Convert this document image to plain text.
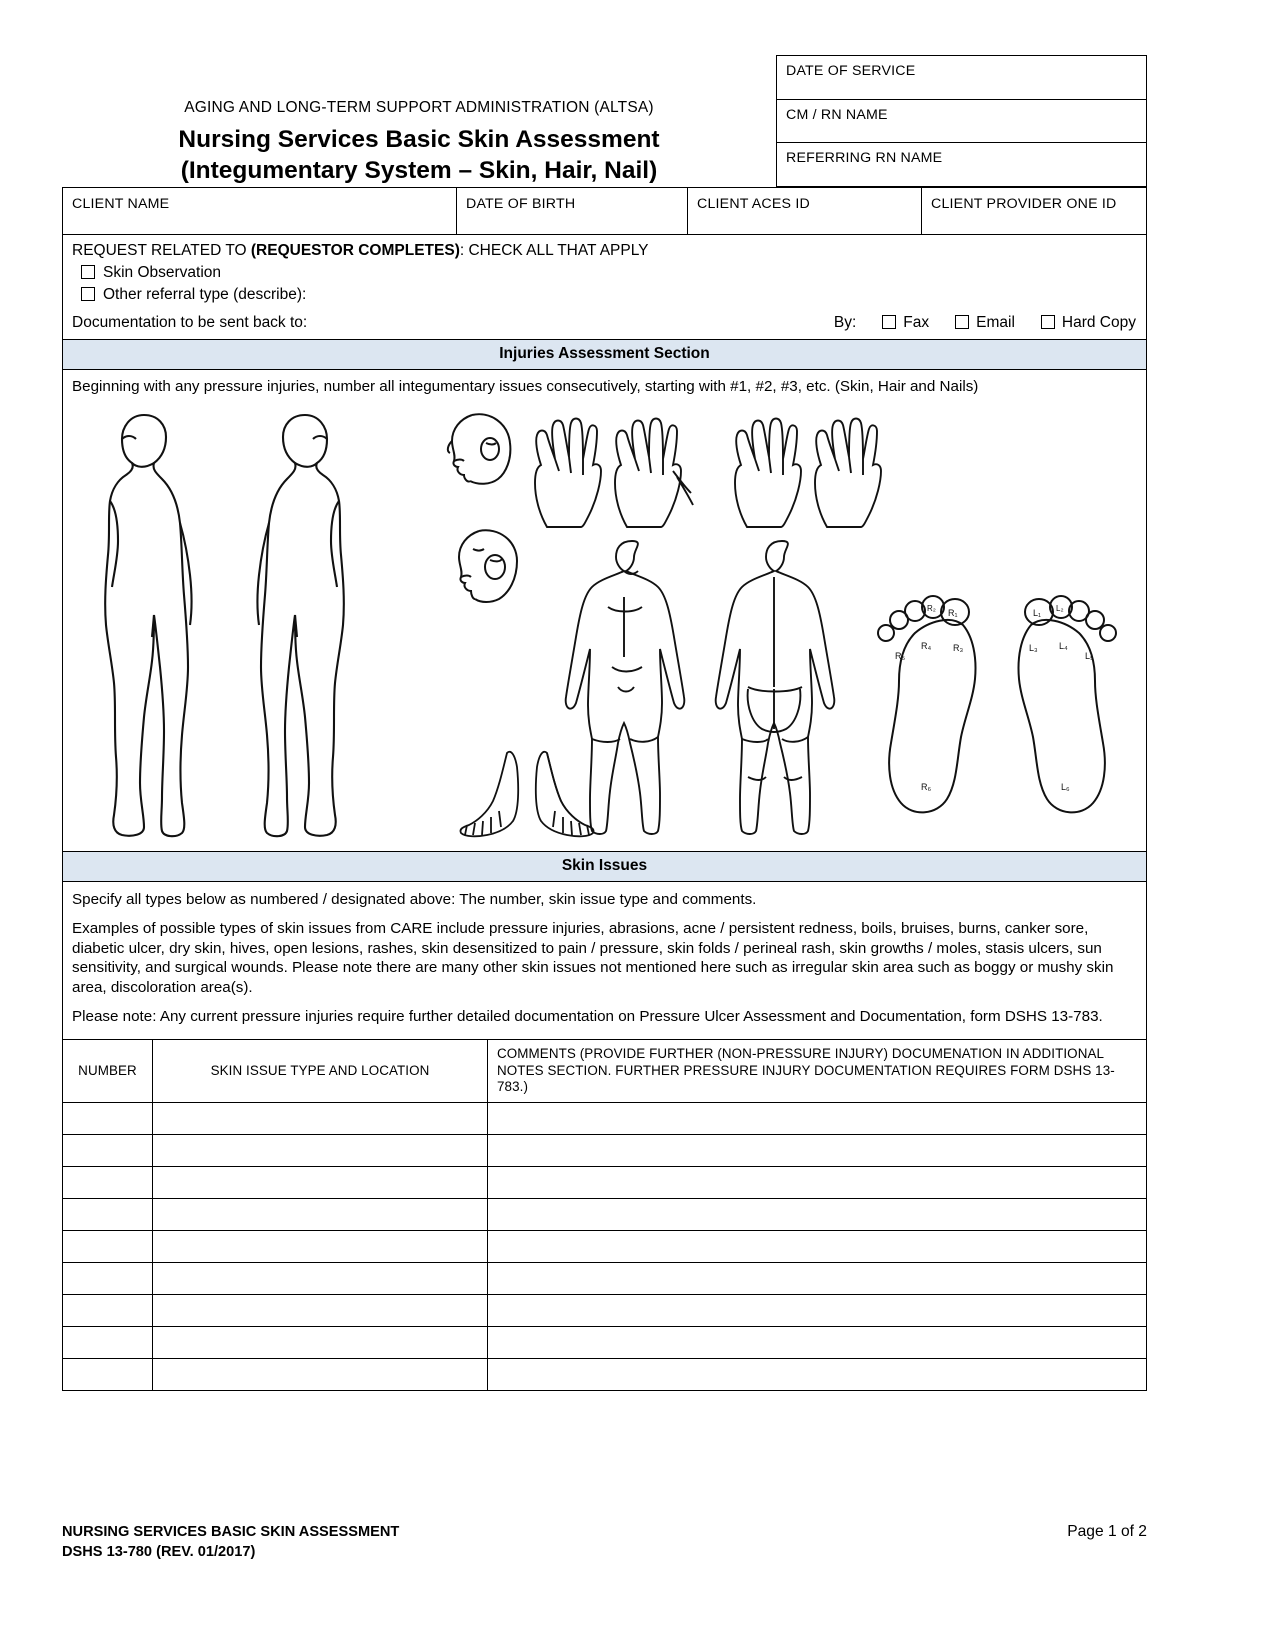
AGING AND LONG-TERM SUPPORT ADMINISTRATION (ALTSA)
Nursing Services Basic Skin Assessment
(Integumentary System – Skin, Hair, Nail)
DATE OF SERVICE
CM / RN NAME
REFERRING RN NAME
CLIENT NAME	DATE OF BIRTH	CLIENT ACES ID	CLIENT PROVIDER ONE ID
REQUEST RELATED TO (REQUESTOR COMPLETES): CHECK ALL THAT APPLY
Skin Observation
Other referral type (describe):
Documentation to be sent back to:	By:	Fax	Email	Hard Copy
Injuries Assessment Section
Beginning with any pressure injuries, number all integumentary issues consecutively, starting with #1, #2, #3, etc. (Skin, Hair and Nails)
R₁
R₂
R₃
R₄
R₅
R₆
L₁ L₂
L₃ L₄
L₅
L₆
Skin Issues

Specify all types below as numbered / designated above: The number, skin issue type and comments.

Examples of possible types of skin issues from CARE include pressure injuries, abrasions, acne / persistent redness, boils, bruises, burns, canker sore, diabetic ulcer, dry skin, hives, open lesions, rashes, skin desensitized to pain / pressure, skin folds / perineal rash, skin growths / moles, stasis ulcers, sun sensitivity, and surgical wounds. Please note there are many other skin issues not mentioned here such as irregular skin area such as boggy or mushy skin area, discoloration area(s).

Please note: Any current pressure injuries require further detailed documentation on Pressure Ulcer Assessment and Documentation, form DSHS 13-783.

NUMBER	SKIN ISSUE TYPE AND LOCATION	COMMENTS (PROVIDE FURTHER (NON-PRESSURE INJURY) DOCUMENATION IN ADDITIONAL NOTES SECTION. FURTHER PRESSURE INJURY DOCUMENTATION REQUIRES FORM DSHS 13-783.)

NURSING SERVICES BASIC SKIN ASSESSMENT
DSHS 13-780 (REV. 01/2017)
Page 1 of 2
